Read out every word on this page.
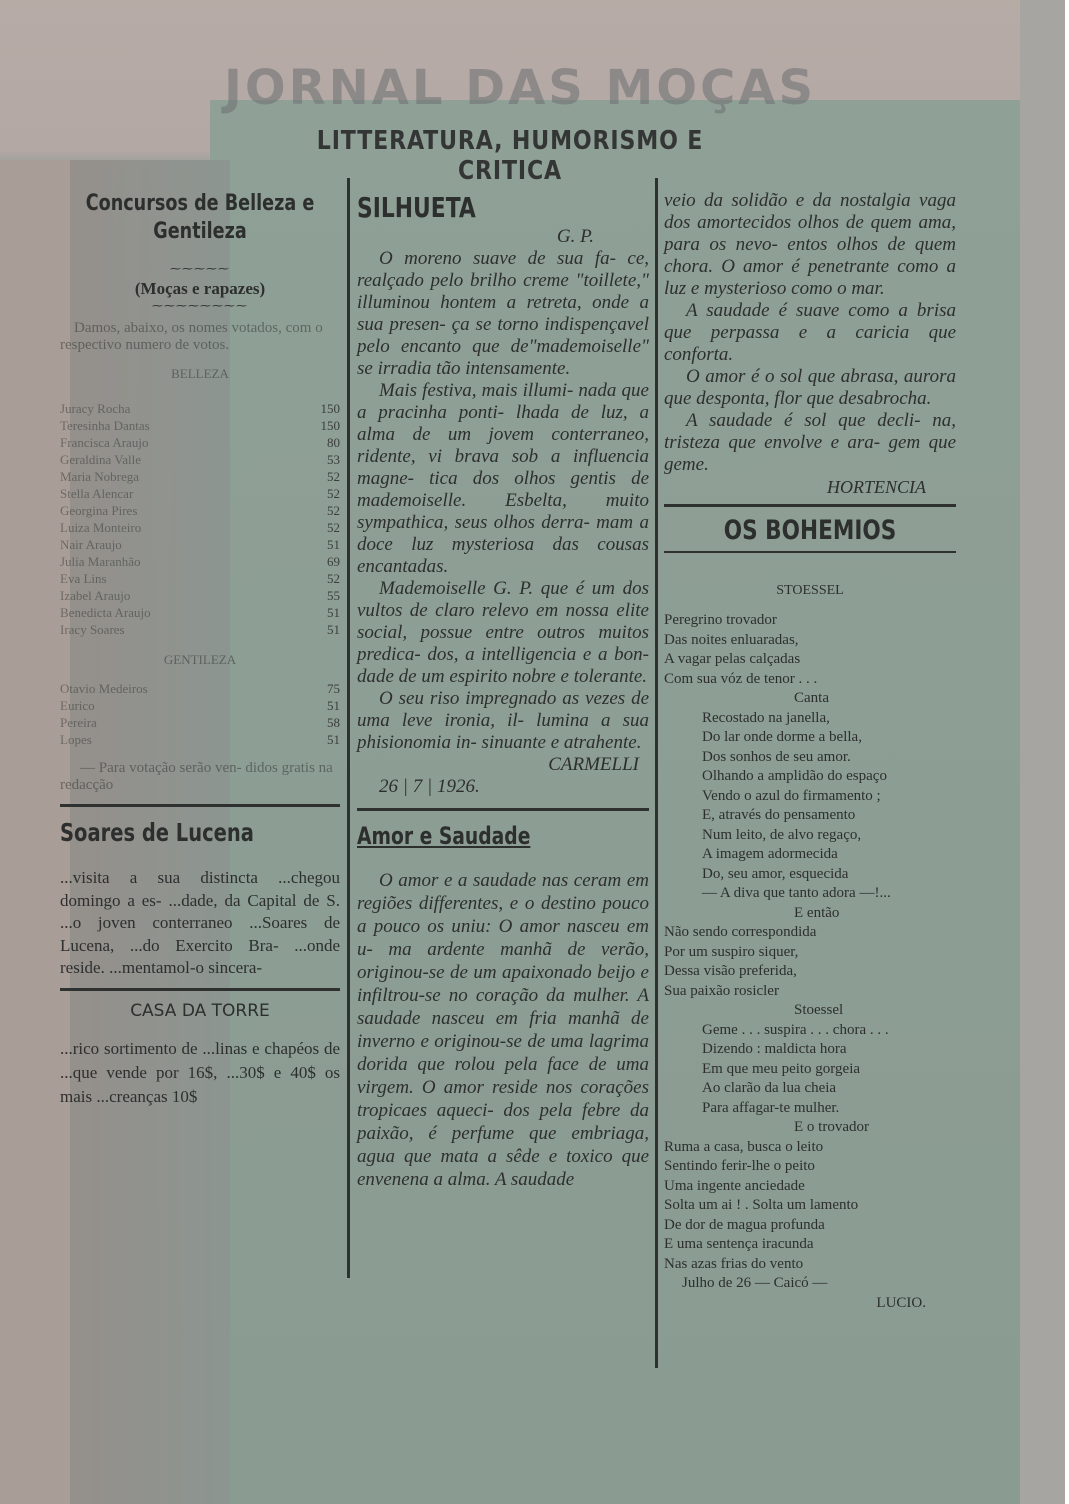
JORNAL DAS MOÇAS
LITTERATURA, HUMORISMO E CRITICA
Concursos de Belleza e Gentileza
⁓⁓⁓⁓⁓
(Moças e rapazes)
⁓⁓⁓⁓⁓⁓⁓⁓
Damos, abaixo, os nomes votados, com o respectivo numero de votos.
BELLEZA
Juracy Rocha	150
Teresinha Dantas	150
Francisca Araujo	80
Geraldina Valle	53
Maria Nobrega	52
Stella Alencar	52
Georgina Pires	52
Luiza Monteiro	52
Nair Araujo	51
Julia Maranhão	69
Eva Lins	52
Izabel Araujo	55
Benedicta Araujo	51
Iracy Soares	51
GENTILEZA
Otavio Medeiros	75
Eurico	51
Pereira	58
Lopes	51
— Para votação serão ven- didos gratis na redacção
Soares de Lucena
...visita a sua distincta ...chegou domingo a es- ...dade, da Capital de S. ...o joven conterraneo ...Soares de Lucena, ...do Exercito Bra- ...onde reside. ...mentamol-o sincera-
CASA DA TORRE
...rico sortimento de ...linas e chapéos de ...que vende por 16$, ...30$ e 40$ os mais ...creanças 10$
SILHUETA
G. P.
O moreno suave de sua fa- ce, realçado pelo brilho creme "toillete," illuminou hontem a retreta, onde a sua presen- ça se torno indispençavel pelo encanto que de"mademoiselle" se irradia tão intensamente.
Mais festiva, mais illumi- nada que a pracinha ponti- lhada de luz, a alma de um jovem conterraneo, ridente, vi brava sob a influencia magne- tica dos olhos gentis de mademoiselle. Esbelta, muito sympathica, seus olhos derra- mam a doce luz mysteriosa das cousas encantadas.
Mademoiselle G. P. que é um dos vultos de claro relevo em nossa elite social, possue entre outros muitos predica- dos, a intelligencia e a bon- dade de um espirito nobre e tolerante.
O seu riso impregnado as vezes de uma leve ironia, il- lumina a sua phisionomia in- sinuante e atrahente.
CARMELLI
26 | 7 | 1926.
Amor e Saudade
O amor e a saudade nas ceram em regiões differentes, e o destino pouco a pouco os uniu: O amor nasceu em u- ma ardente manhã de verão, originou-se de um apaixonado beijo e infiltrou-se no coração da mulher. A saudade nasceu em fria manhã de inverno e originou-se de uma lagrima dorida que rolou pela face de uma virgem. O amor reside nos corações tropicaes aqueci- dos pela febre da paixão, é perfume que embriaga, agua que mata a sêde e toxico que envenena a alma. A saudade
veio da solidão e da nostalgia vaga dos amortecidos olhos de quem ama, para os nevo- entos olhos de quem chora. O amor é penetrante como a luz e mysterioso como o mar.
A saudade é suave como a brisa que perpassa e a caricia que conforta.
O amor é o sol que abrasa, aurora que desponta, flor que desabrocha.
A saudade é sol que decli- na, tristeza que envolve e ara- gem que geme.
HORTENCIA
OS BOHEMIOS
STOESSEL
Peregrino trovador
Das noites enluaradas,
A vagar pelas calçadas
Com sua vóz de tenor . . .
Canta
Recostado na janella,
Do lar onde dorme a bella,
Dos sonhos de seu amor.
Olhando a amplidão do espaço
Vendo o azul do firmamento ;
E, através do pensamento
Num leito, de alvo regaço,
A imagem adormecida
Do, seu amor, esquecida
— A diva que tanto adora —!...
E então
Não sendo correspondida
Por um suspiro siquer,
Dessa visão preferida,
Sua paixão rosicler
Stoessel
Geme . . . suspira . . . chora . . .
Dizendo : maldicta hora
Em que meu peito gorgeia
Ao clarão da lua cheia
Para affagar-te mulher.
E o trovador
Ruma a casa, busca o leito
Sentindo ferir-lhe o peito
Uma ingente anciedade
Solta um ai ! . Solta um lamento
De dor de magua profunda
E uma sentença iracunda
Nas azas frias do vento
Julho de 26 — Caicó —
LUCIO.
